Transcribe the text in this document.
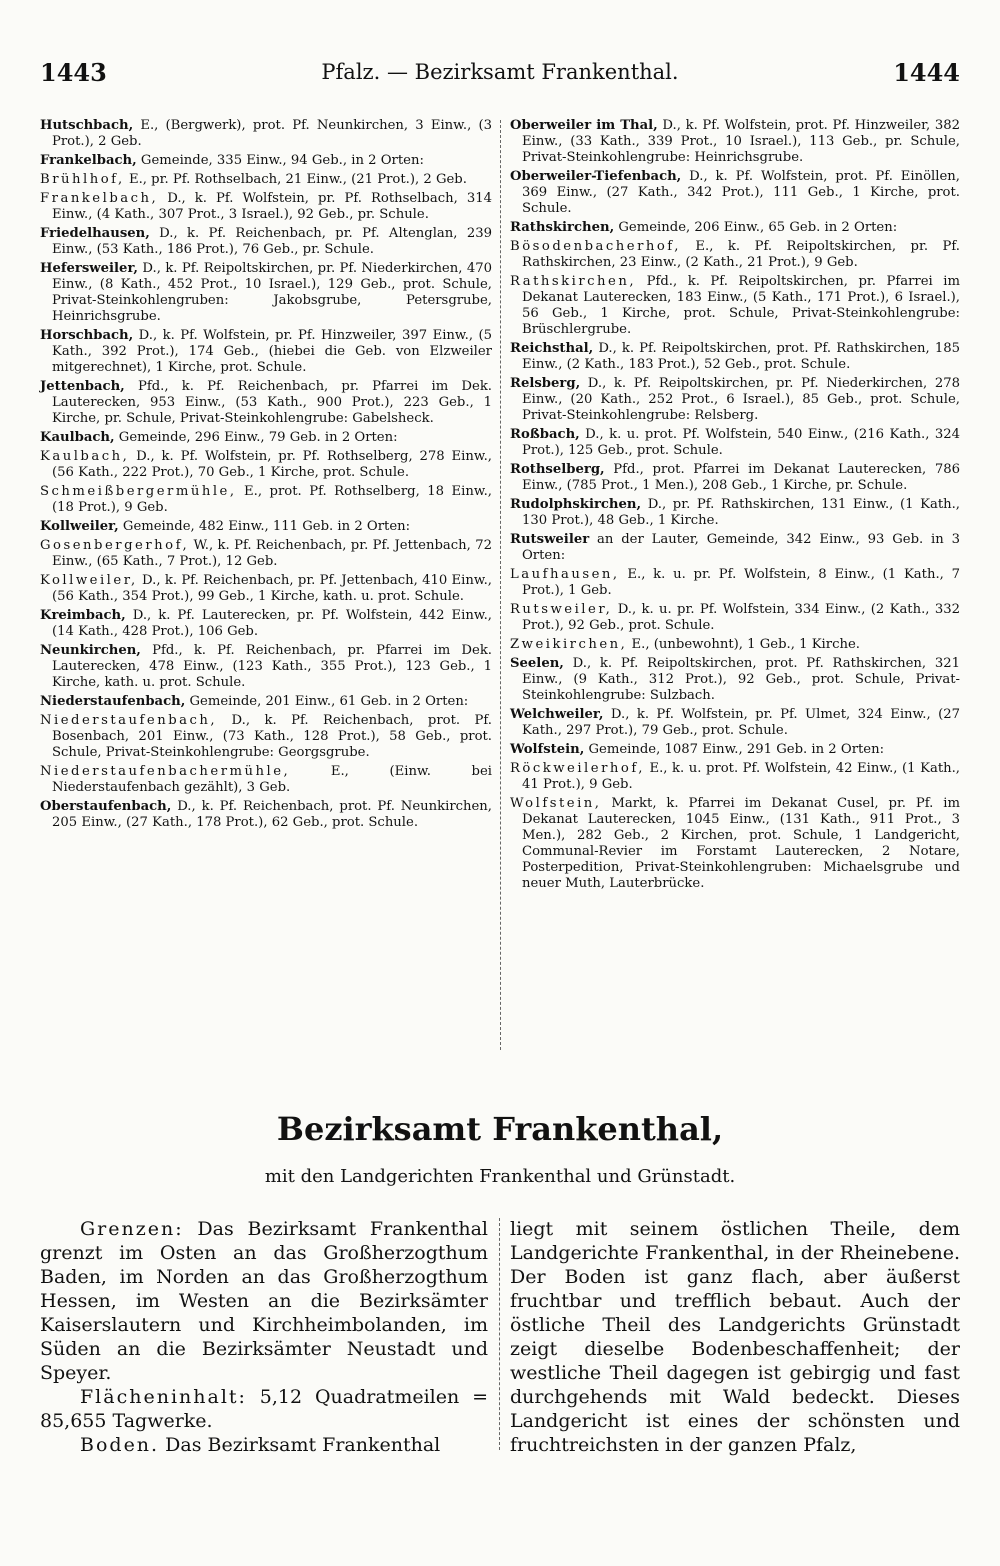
1443	Pfalz. — Bezirksamt Frankenthal.	1444
Hutschbach, E., (Bergwerk), prot. Pf. Neunkirchen, 3 Einw., (3 Prot.), 2 Geb.
Frankelbach, Gemeinde, 335 Einw., 94 Geb., in 2 Orten:
Brühlhof, E., pr. Pf. Rothselbach, 21 Einw., (21 Prot.), 2 Geb.
Frankelbach, D., k. Pf. Wolfstein, pr. Pf. Rothselbach, 314 Einw., (4 Kath., 307 Prot., 3 Israel.), 92 Geb., pr. Schule.
Friedelhausen, D., k. Pf. Reichenbach, pr. Pf. Altenglan, 239 Einw., (53 Kath., 186 Prot.), 76 Geb., pr. Schule.
Hefersweiler, D., k. Pf. Reipoltskirchen, pr. Pf. Niederkirchen, 470 Einw., (8 Kath., 452 Prot., 10 Israel.), 129 Geb., prot. Schule, Privat-Steinkohlengruben: Jakobsgrube, Petersgrube, Heinrichsgrube.
Horschbach, D., k. Pf. Wolfstein, pr. Pf. Hinzweiler, 397 Einw., (5 Kath., 392 Prot.), 174 Geb., (hiebei die Geb. von Elzweiler mitgerechnet), 1 Kirche, prot. Schule.
Jettenbach, Pfd., k. Pf. Reichenbach, pr. Pfarrei im Dek. Lauterecken, 953 Einw., (53 Kath., 900 Prot.), 223 Geb., 1 Kirche, pr. Schule, Privat-Steinkohlengrube: Gabelsheck.
Kaulbach, Gemeinde, 296 Einw., 79 Geb. in 2 Orten:
Kaulbach, D., k. Pf. Wolfstein, pr. Pf. Rothselberg, 278 Einw., (56 Kath., 222 Prot.), 70 Geb., 1 Kirche, prot. Schule.
Schmeißbergermühle, E., prot. Pf. Rothselberg, 18 Einw., (18 Prot.), 9 Geb.
Kollweiler, Gemeinde, 482 Einw., 111 Geb. in 2 Orten:
Gosenbergerhof, W., k. Pf. Reichenbach, pr. Pf. Jettenbach, 72 Einw., (65 Kath., 7 Prot.), 12 Geb.
Kollweiler, D., k. Pf. Reichenbach, pr. Pf. Jettenbach, 410 Einw., (56 Kath., 354 Prot.), 99 Geb., 1 Kirche, kath. u. prot. Schule.
Kreimbach, D., k. Pf. Lauterecken, pr. Pf. Wolfstein, 442 Einw., (14 Kath., 428 Prot.), 106 Geb.
Neunkirchen, Pfd., k. Pf. Reichenbach, pr. Pfarrei im Dek. Lauterecken, 478 Einw., (123 Kath., 355 Prot.), 123 Geb., 1 Kirche, kath. u. prot. Schule.
Niederstaufenbach, Gemeinde, 201 Einw., 61 Geb. in 2 Orten:
Niederstaufenbach, D., k. Pf. Reichenbach, prot. Pf. Bosenbach, 201 Einw., (73 Kath., 128 Prot.), 58 Geb., prot. Schule, Privat-Steinkohlengrube: Georgsgrube.
Niederstaufenbachermühle, E., (Einw. bei Niederstaufenbach gezählt), 3 Geb.
Oberstaufenbach, D., k. Pf. Reichenbach, prot. Pf. Neunkirchen, 205 Einw., (27 Kath., 178 Prot.), 62 Geb., prot. Schule.
Oberweiler im Thal, D., k. Pf. Wolfstein, prot. Pf. Hinzweiler, 382 Einw., (33 Kath., 339 Prot., 10 Israel.), 113 Geb., pr. Schule, Privat-Steinkohlengrube: Heinrichsgrube.
Oberweiler-Tiefenbach, D., k. Pf. Wolfstein, prot. Pf. Einöllen, 369 Einw., (27 Kath., 342 Prot.), 111 Geb., 1 Kirche, prot. Schule.
Rathskirchen, Gemeinde, 206 Einw., 65 Geb. in 2 Orten:
Bösodenbacherhof, E., k. Pf. Reipoltskirchen, pr. Pf. Rathskirchen, 23 Einw., (2 Kath., 21 Prot.), 9 Geb.
Rathskirchen, Pfd., k. Pf. Reipoltskirchen, pr. Pfarrei im Dekanat Lauterecken, 183 Einw., (5 Kath., 171 Prot.), 6 Israel.), 56 Geb., 1 Kirche, prot. Schule, Privat-Steinkohlengrube: Brüschlergrube.
Reichsthal, D., k. Pf. Reipoltskirchen, prot. Pf. Rathskirchen, 185 Einw., (2 Kath., 183 Prot.), 52 Geb., prot. Schule.
Relsberg, D., k. Pf. Reipoltskirchen, pr. Pf. Niederkirchen, 278 Einw., (20 Kath., 252 Prot., 6 Israel.), 85 Geb., prot. Schule, Privat-Steinkohlengrube: Relsberg.
Roßbach, D., k. u. prot. Pf. Wolfstein, 540 Einw., (216 Kath., 324 Prot.), 125 Geb., prot. Schule.
Rothselberg, Pfd., prot. Pfarrei im Dekanat Lauterecken, 786 Einw., (785 Prot., 1 Men.), 208 Geb., 1 Kirche, pr. Schule.
Rudolphskirchen, D., pr. Pf. Rathskirchen, 131 Einw., (1 Kath., 130 Prot.), 48 Geb., 1 Kirche.
Rutsweiler an der Lauter, Gemeinde, 342 Einw., 93 Geb. in 3 Orten:
Laufhausen, E., k. u. pr. Pf. Wolfstein, 8 Einw., (1 Kath., 7 Prot.), 1 Geb.
Rutsweiler, D., k. u. pr. Pf. Wolfstein, 334 Einw., (2 Kath., 332 Prot.), 92 Geb., prot. Schule.
Zweikirchen, E., (unbewohnt), 1 Geb., 1 Kirche.
Seelen, D., k. Pf. Reipoltskirchen, prot. Pf. Rathskirchen, 321 Einw., (9 Kath., 312 Prot.), 92 Geb., prot. Schule, Privat-Steinkohlengrube: Sulzbach.
Welchweiler, D., k. Pf. Wolfstein, pr. Pf. Ulmet, 324 Einw., (27 Kath., 297 Prot.), 79 Geb., prot. Schule.
Wolfstein, Gemeinde, 1087 Einw., 291 Geb. in 2 Orten:
Röckweilerhof, E., k. u. prot. Pf. Wolfstein, 42 Einw., (1 Kath., 41 Prot.), 9 Geb.
Wolfstein, Markt, k. Pfarrei im Dekanat Cusel, pr. Pf. im Dekanat Lauterecken, 1045 Einw., (131 Kath., 911 Prot., 3 Men.), 282 Geb., 2 Kirchen, prot. Schule, 1 Landgericht, Communal-Revier im Forstamt Lauterecken, 2 Notare, Posterpedition, Privat-Steinkohlengruben: Michaelsgrube und neuer Muth, Lauterbrücke.
Bezirksamt Frankenthal,
mit den Landgerichten Frankenthal und Grünstadt.

Grenzen: Das Bezirksamt Frankenthal grenzt im Osten an das Großherzogthum Baden, im Norden an das Großherzogthum Hessen, im Westen an die Bezirksämter Kaiserslautern und Kirchheimbolanden, im Süden an die Bezirksämter Neustadt und Speyer.

Flächeninhalt: 5,12 Quadratmeilen = 85,655 Tagwerke.

Boden. Das Bezirksamt Frankenthal

liegt mit seinem östlichen Theile, dem Landgerichte Frankenthal, in der Rheinebene. Der Boden ist ganz flach, aber äußerst fruchtbar und trefflich bebaut. Auch der östliche Theil des Landgerichts Grünstadt zeigt dieselbe Bodenbeschaffenheit; der westliche Theil dagegen ist gebirgig und fast durchgehends mit Wald bedeckt. Dieses Landgericht ist eines der schönsten und fruchtreichsten in der ganzen Pfalz,
